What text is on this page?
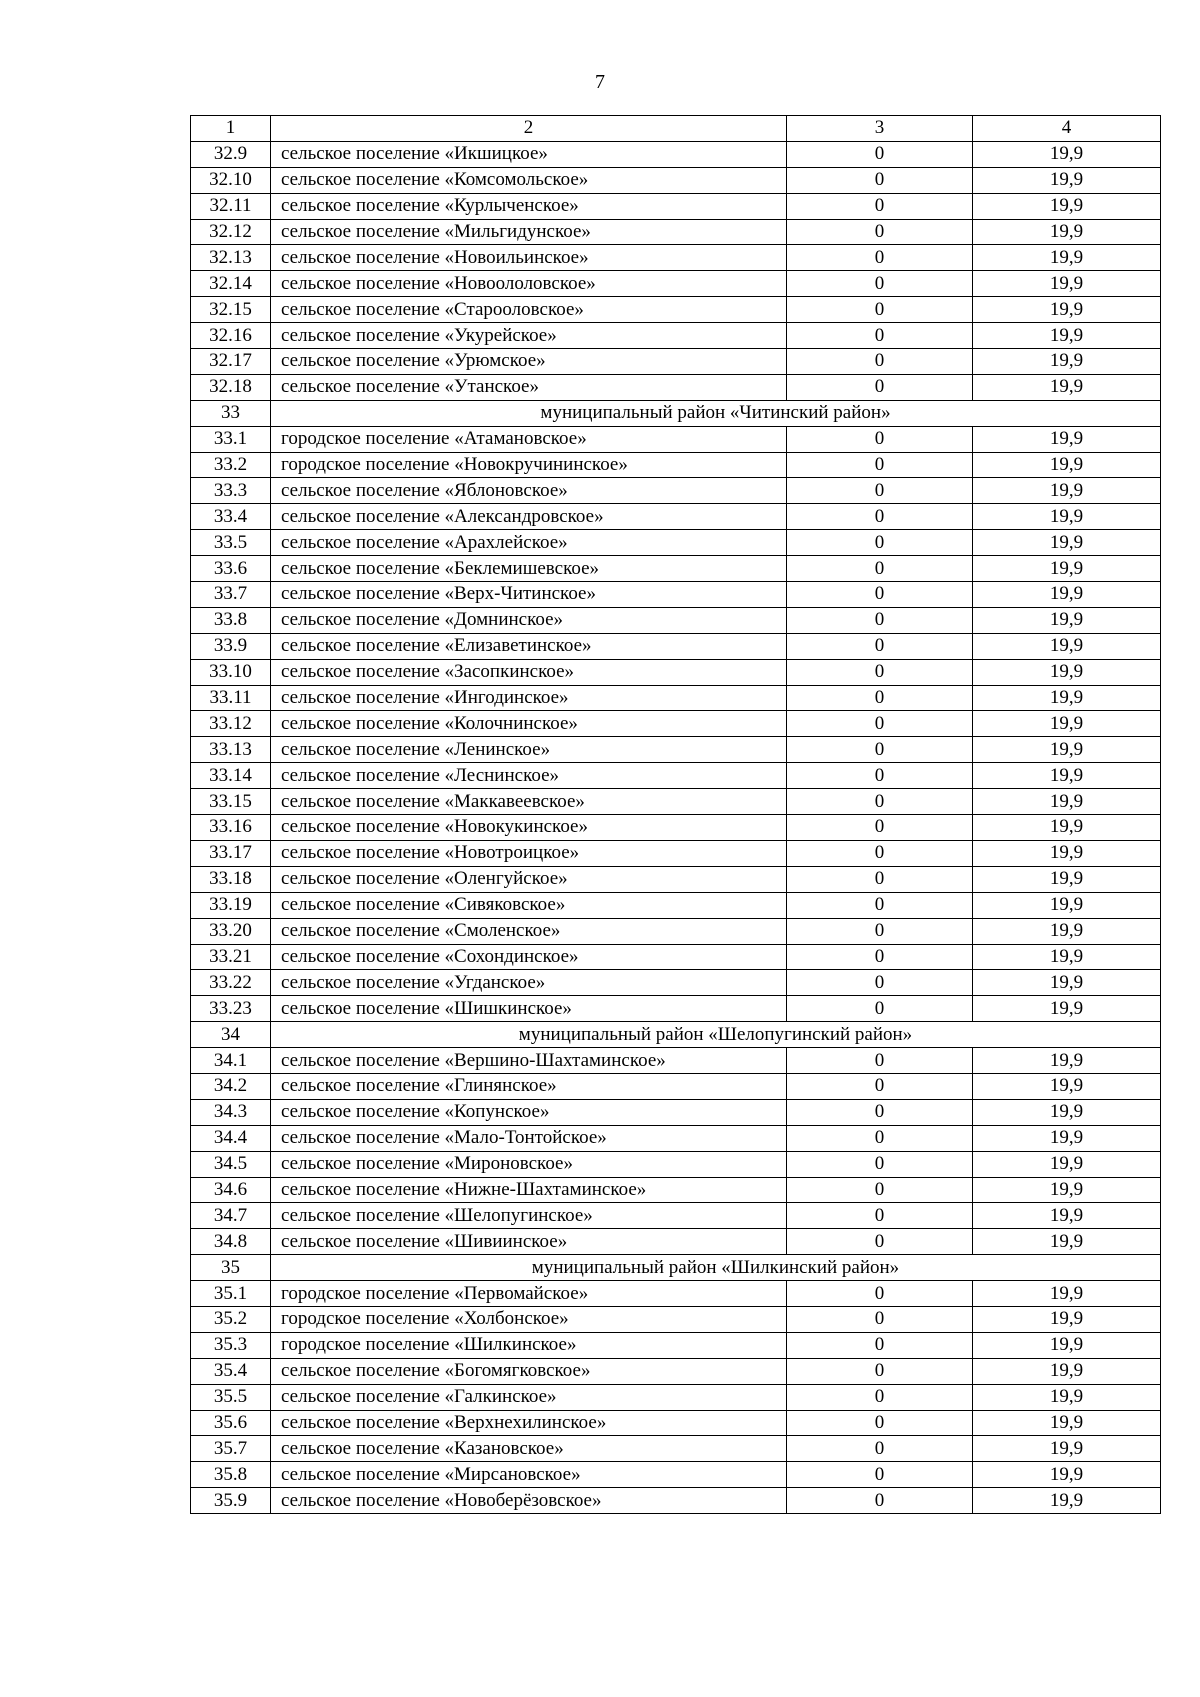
7
1	2	3	4
32.9	сельское поселение «Икшицкое»	0	19,9
32.10	сельское поселение «Комсомольское»	0	19,9
32.11	сельское поселение «Курлыченское»	0	19,9
32.12	сельское поселение «Мильгидунское»	0	19,9
32.13	сельское поселение «Новоильинское»	0	19,9
32.14	сельское поселение «Новоололовское»	0	19,9
32.15	сельское поселение «Старооловское»	0	19,9
32.16	сельское поселение «Укурейское»	0	19,9
32.17	сельское поселение «Урюмское»	0	19,9
32.18	сельское поселение «Утанское»	0	19,9
33	муниципальный район «Читинский район»		
33.1	городское поселение «Атамановское»	0	19,9
33.2	городское поселение «Новокручининское»	0	19,9
33.3	сельское поселение «Яблоновское»	0	19,9
33.4	сельское поселение «Александровское»	0	19,9
33.5	сельское поселение «Арахлейское»	0	19,9
33.6	сельское поселение «Беклемишевское»	0	19,9
33.7	сельское поселение «Верх-Читинское»	0	19,9
33.8	сельское поселение «Домнинское»	0	19,9
33.9	сельское поселение «Елизаветинское»	0	19,9
33.10	сельское поселение «Засопкинское»	0	19,9
33.11	сельское поселение «Ингодинское»	0	19,9
33.12	сельское поселение «Колочнинское»	0	19,9
33.13	сельское поселение «Ленинское»	0	19,9
33.14	сельское поселение «Леснинское»	0	19,9
33.15	сельское поселение «Маккавеевское»	0	19,9
33.16	сельское поселение «Новокукинское»	0	19,9
33.17	сельское поселение «Новотроицкое»	0	19,9
33.18	сельское поселение «Оленгуйское»	0	19,9
33.19	сельское поселение «Сивяковское»	0	19,9
33.20	сельское поселение «Смоленское»	0	19,9
33.21	сельское поселение «Сохондинское»	0	19,9
33.22	сельское поселение «Угданское»	0	19,9
33.23	сельское поселение «Шишкинское»	0	19,9
34	муниципальный район «Шелопугинский район»		
34.1	сельское поселение «Вершино-Шахтаминское»	0	19,9
34.2	сельское поселение «Глинянское»	0	19,9
34.3	сельское поселение «Копунское»	0	19,9
34.4	сельское поселение «Мало-Тонтойское»	0	19,9
34.5	сельское поселение «Мироновское»	0	19,9
34.6	сельское поселение «Нижне-Шахтаминское»	0	19,9
34.7	сельское поселение «Шелопугинское»	0	19,9
34.8	сельское поселение «Шивиинское»	0	19,9
35	муниципальный район «Шилкинский район»		
35.1	городское поселение «Первомайское»	0	19,9
35.2	городское поселение «Холбонское»	0	19,9
35.3	городское поселение «Шилкинское»	0	19,9
35.4	сельское поселение «Богомягковское»	0	19,9
35.5	сельское поселение «Галкинское»	0	19,9
35.6	сельское поселение «Верхнехилинское»	0	19,9
35.7	сельское поселение «Казановское»	0	19,9
35.8	сельское поселение «Мирсановское»	0	19,9
35.9	сельское поселение «Новоберёзовское»	0	19,9
